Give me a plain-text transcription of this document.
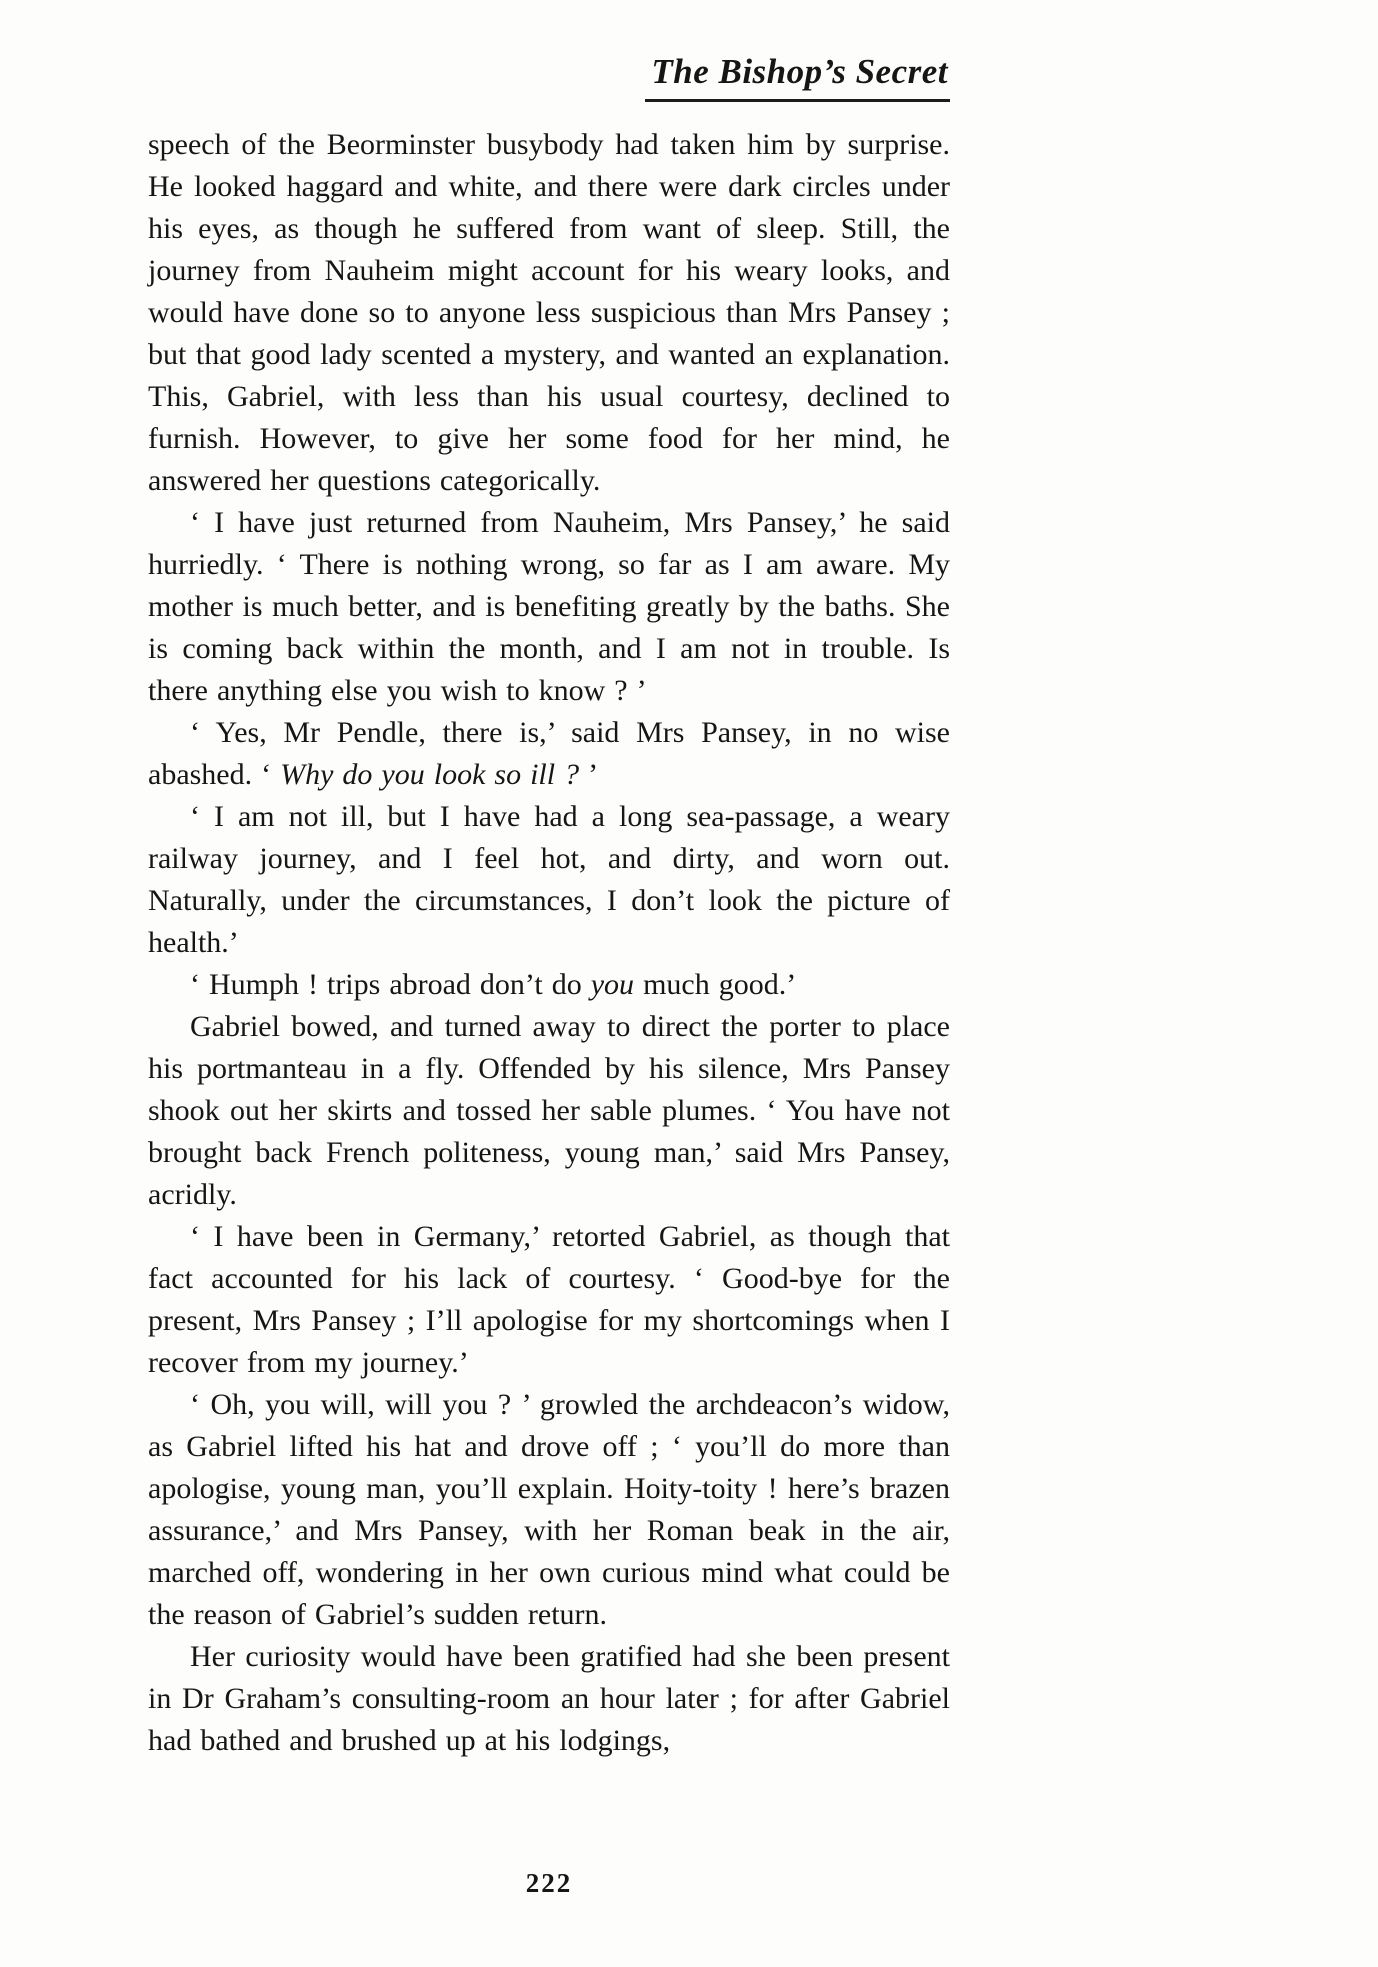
The Bishop’s Secret

speech of the Beorminster busybody had taken him by surprise. He looked haggard and white, and there were dark circles under his eyes, as though he suffered from want of sleep. Still, the journey from Nauheim might account for his weary looks, and would have done so to anyone less suspicious than Mrs Pansey ; but that good lady scented a mystery, and wanted an explanation. This, Gabriel, with less than his usual courtesy, declined to furnish. However, to give her some food for her mind, he answered her questions categorically.

‘ I have just returned from Nauheim, Mrs Pansey,’ he said hurriedly. ‘ There is nothing wrong, so far as I am aware. My mother is much better, and is benefiting greatly by the baths. She is coming back within the month, and I am not in trouble. Is there anything else you wish to know ? ’

‘ Yes, Mr Pendle, there is,’ said Mrs Pansey, in no wise abashed. ‘ Why do you look so ill ? ’

‘ I am not ill, but I have had a long sea-passage, a weary railway journey, and I feel hot, and dirty, and worn out. Naturally, under the circumstances, I don’t look the picture of health.’

‘ Humph ! trips abroad don’t do you much good.’

Gabriel bowed, and turned away to direct the porter to place his portmanteau in a fly. Offended by his silence, Mrs Pansey shook out her skirts and tossed her sable plumes. ‘ You have not brought back French politeness, young man,’ said Mrs Pansey, acridly.

‘ I have been in Germany,’ retorted Gabriel, as though that fact accounted for his lack of courtesy. ‘ Good-bye for the present, Mrs Pansey ; I’ll apologise for my shortcomings when I recover from my journey.’

‘ Oh, you will, will you ? ’ growled the archdeacon’s widow, as Gabriel lifted his hat and drove off ; ‘ you’ll do more than apologise, young man, you’ll explain. Hoity-toity ! here’s brazen assurance,’ and Mrs Pansey, with her Roman beak in the air, marched off, wondering in her own curious mind what could be the reason of Gabriel’s sudden return.

Her curiosity would have been gratified had she been present in Dr Graham’s consulting-room an hour later ; for after Gabriel had bathed and brushed up at his lodgings,

222
